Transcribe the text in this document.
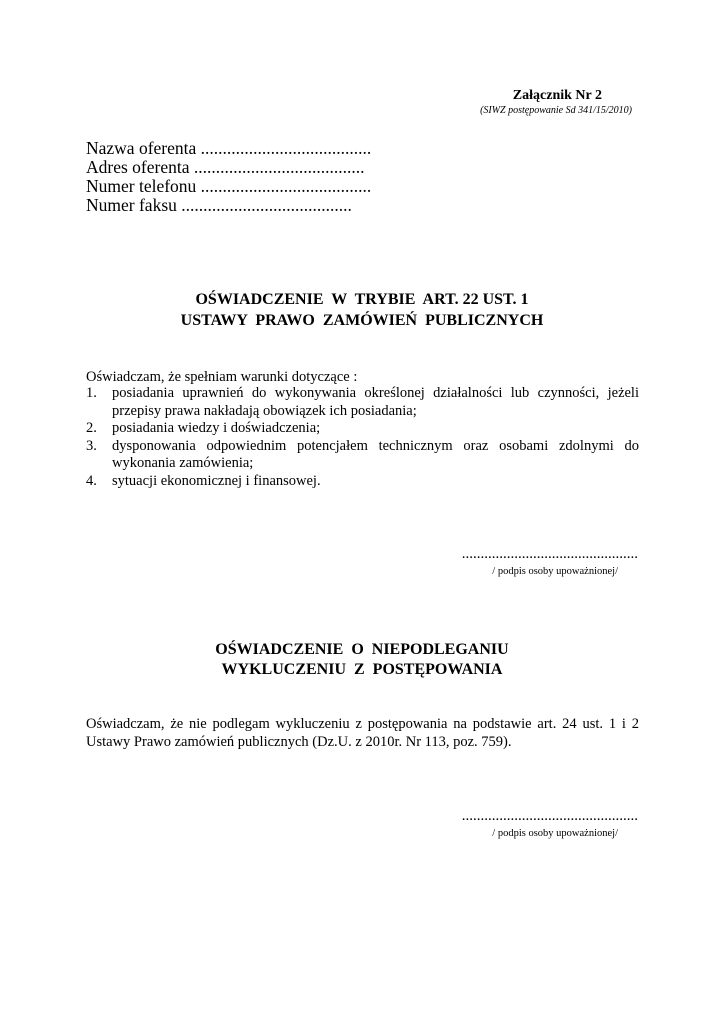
Załącznik Nr 2
(SIWZ postępowanie Sd 341/15/2010)
Nazwa oferenta .......................................
Adres oferenta .......................................
Numer telefonu .......................................
Numer faksu .......................................
OŚWIADCZENIE  W  TRYBIE  ART. 22 UST. 1
USTAWY  PRAWO  ZAMÓWIEŃ  PUBLICZNYCH
Oświadczam, że spełniam warunki dotyczące :
1.	posiadania uprawnień do wykonywania określonej działalności lub czynności, jeżeli przepisy prawa nakładają obowiązek ich posiadania;
2.	posiadania wiedzy i doświadczenia;
3.	dysponowania odpowiednim potencjałem technicznym oraz osobami zdolnymi do wykonania zamówienia;
4.	sytuacji ekonomicznej i finansowej.
...............................................
/ podpis osoby upoważnionej/
OŚWIADCZENIE  O  NIEPODLEGANIU
WYKLUCZENIU  Z  POSTĘPOWANIA
Oświadczam, że nie podlegam wykluczeniu z postępowania na podstawie art. 24 ust. 1 i 2 Ustawy Prawo zamówień publicznych (Dz.U. z 2010r. Nr 113, poz. 759).
...............................................
/ podpis osoby upoważnionej/
